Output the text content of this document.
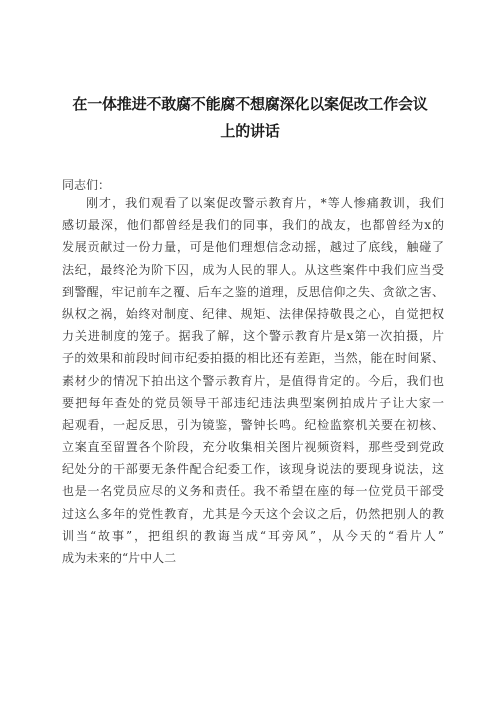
在一体推进不敢腐不能腐不想腐深化以案促改工作会议
上的讲话
同志们：
刚才，我们观看了以案促改警示教育片，*等人惨痛教训，我们
感切最深，他们都曾经是我们的同事，我们的战友，也都曾经为x的
发展贡献过一份力量，可是他们理想信念动摇，越过了底线，触碰了
法纪，最终沦为阶下囚，成为人民的罪人。从这些案件中我们应当受
到警醒，牢记前车之覆、后车之鉴的道理，反思信仰之失、贪欲之害、
纵权之祸，始终对制度、纪律、规矩、法律保持敬畏之心，自觉把权
力关进制度的笼子。据我了解，这个警示教育片是x第一次拍摄，片
子的效果和前段时间市纪委拍摄的相比还有差距，当然，能在时间紧、
素材少的情况下拍出这个警示教育片，是值得肯定的。今后，我们也
要把每年查处的党员领导干部违纪违法典型案例拍成片子让大家一
起观看，一起反思，引为镜鉴，警钟长鸣。纪检监察机关要在初核、
立案直至留置各个阶段，充分收集相关图片视频资料，那些受到党政
纪处分的干部要无条件配合纪委工作，该现身说法的要现身说法，这
也是一名党员应尽的义务和责任。我不希望在座的每一位党员干部受
过这么多年的党性教育，尤其是今天这个会议之后，仍然把别人的教
训当“故事”，把组织的教诲当成“耳旁风”，从今天的“看片人”
成为未来的“片中人二
